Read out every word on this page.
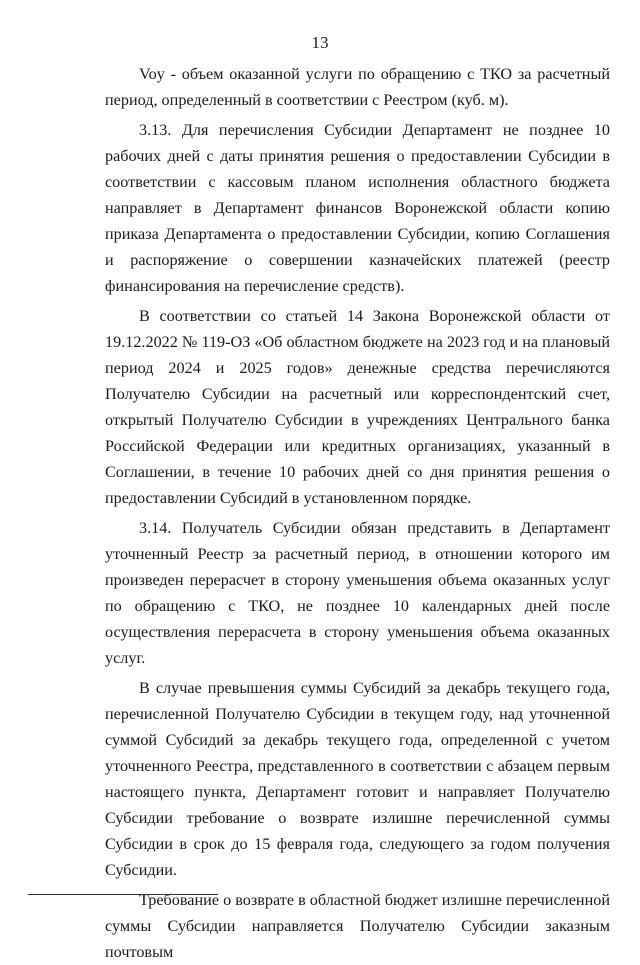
13

Voy - объем оказанной услуги по обращению с ТКО за расчетный период, определенный в соответствии с Реестром (куб. м).

3.13. Для перечисления Субсидии Департамент не позднее 10 рабочих дней с даты принятия решения о предоставлении Субсидии в соответствии с кассовым планом исполнения областного бюджета направляет в Департамент финансов Воронежской области копию приказа Департамента о предоставлении Субсидии, копию Соглашения и распоряжение о совершении казначейских платежей (реестр финансирования на перечисление средств).

В соответствии со статьей 14 Закона Воронежской области от 19.12.2022 № 119-ОЗ «Об областном бюджете на 2023 год и на плановый период 2024 и 2025 годов» денежные средства перечисляются Получателю Субсидии на расчетный или корреспондентский счет, открытый Получателю Субсидии в учреждениях Центрального банка Российской Федерации или кредитных организациях, указанный в Соглашении, в течение 10 рабочих дней со дня принятия решения о предоставлении Субсидий в установленном порядке.

3.14. Получатель Субсидии обязан представить в Департамент уточненный Реестр за расчетный период, в отношении которого им произведен перерасчет в сторону уменьшения объема оказанных услуг по обращению с ТКО, не позднее 10 календарных дней после осуществления перерасчета в сторону уменьшения объема оказанных услуг.

В случае превышения суммы Субсидий за декабрь текущего года, перечисленной Получателю Субсидии в текущем году, над уточненной суммой Субсидий за декабрь текущего года, определенной с учетом уточненного Реестра, представленного в соответствии с абзацем первым настоящего пункта, Департамент готовит и направляет Получателю Субсидии требование о возврате излишне перечисленной суммы Субсидии в срок до 15 февраля года, следующего за годом получения Субсидии.

Требование о возврате в областной бюджет излишне перечисленной суммы Субсидии направляется Получателю Субсидии заказным почтовым
